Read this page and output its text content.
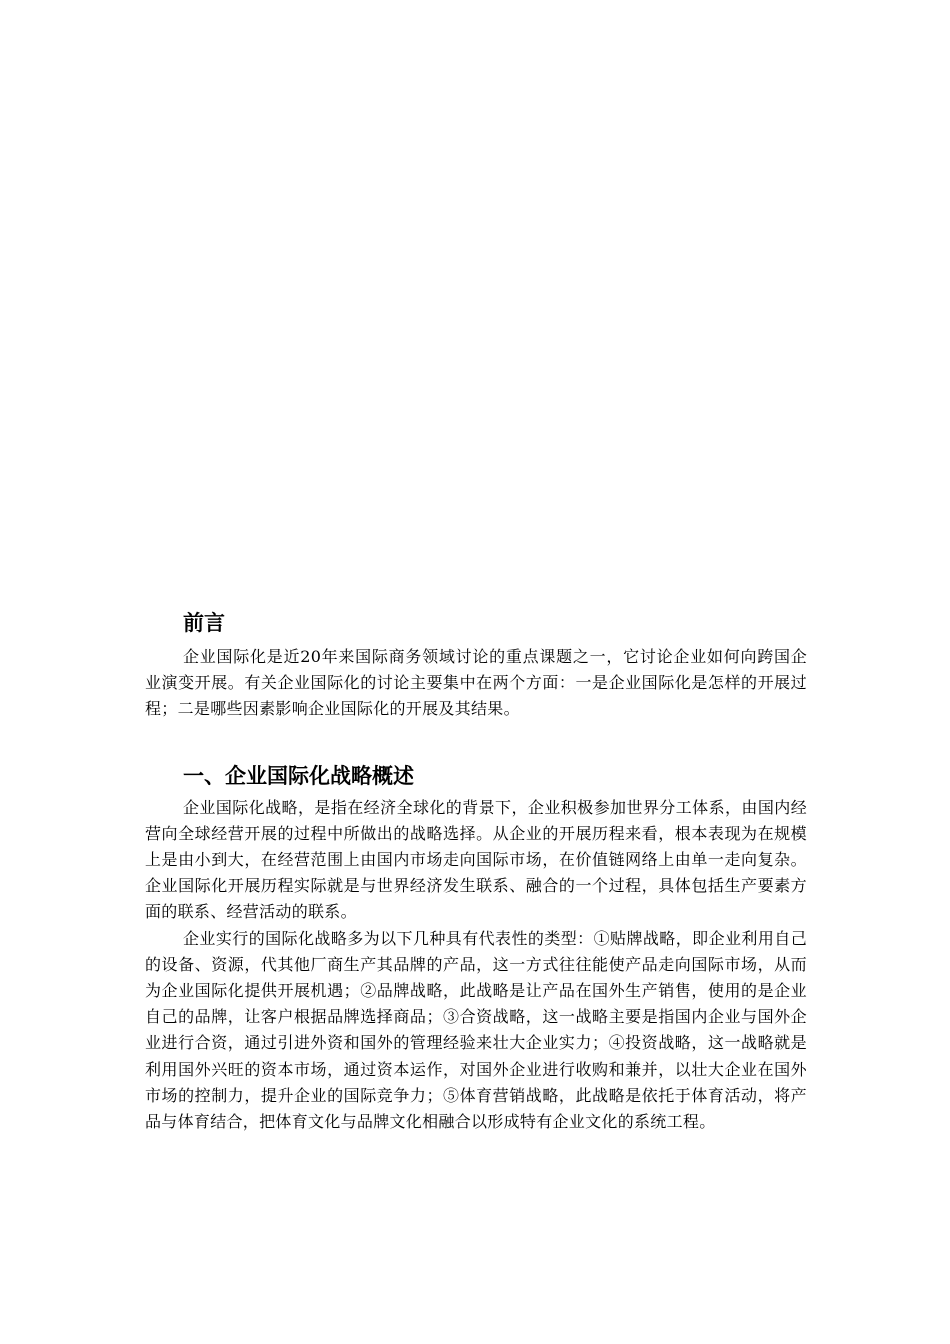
前言

企业国际化是近20年来国际商务领域讨论的重点课题之一，它讨论企业如何向跨国企业演变开展。有关企业国际化的讨论主要集中在两个方面：一是企业国际化是怎样的开展过程；二是哪些因素影响企业国际化的开展及其结果。

一、企业国际化战略概述

企业国际化战略，是指在经济全球化的背景下，企业积极参加世界分工体系，由国内经营向全球经营开展的过程中所做出的战略选择。从企业的开展历程来看，根本表现为在规模上是由小到大，在经营范围上由国内市场走向国际市场，在价值链网络上由单一走向复杂。企业国际化开展历程实际就是与世界经济发生联系、融合的一个过程，具体包括生产要素方面的联系、经营活动的联系。

企业实行的国际化战略多为以下几种具有代表性的类型：①贴牌战略，即企业利用自己的设备、资源，代其他厂商生产其品牌的产品，这一方式往往能使产品走向国际市场，从而为企业国际化提供开展机遇；②品牌战略，此战略是让产品在国外生产销售，使用的是企业自己的品牌，让客户根据品牌选择商品；③合资战略，这一战略主要是指国内企业与国外企业进行合资，通过引进外资和国外的管理经验来壮大企业实力；④投资战略，这一战略就是利用国外兴旺的资本市场，通过资本运作，对国外企业进行收购和兼并，以壮大企业在国外市场的控制力，提升企业的国际竞争力；⑤体育营销战略，此战略是依托于体育活动，将产品与体育结合，把体育文化与品牌文化相融合以形成特有企业文化的系统工程。
